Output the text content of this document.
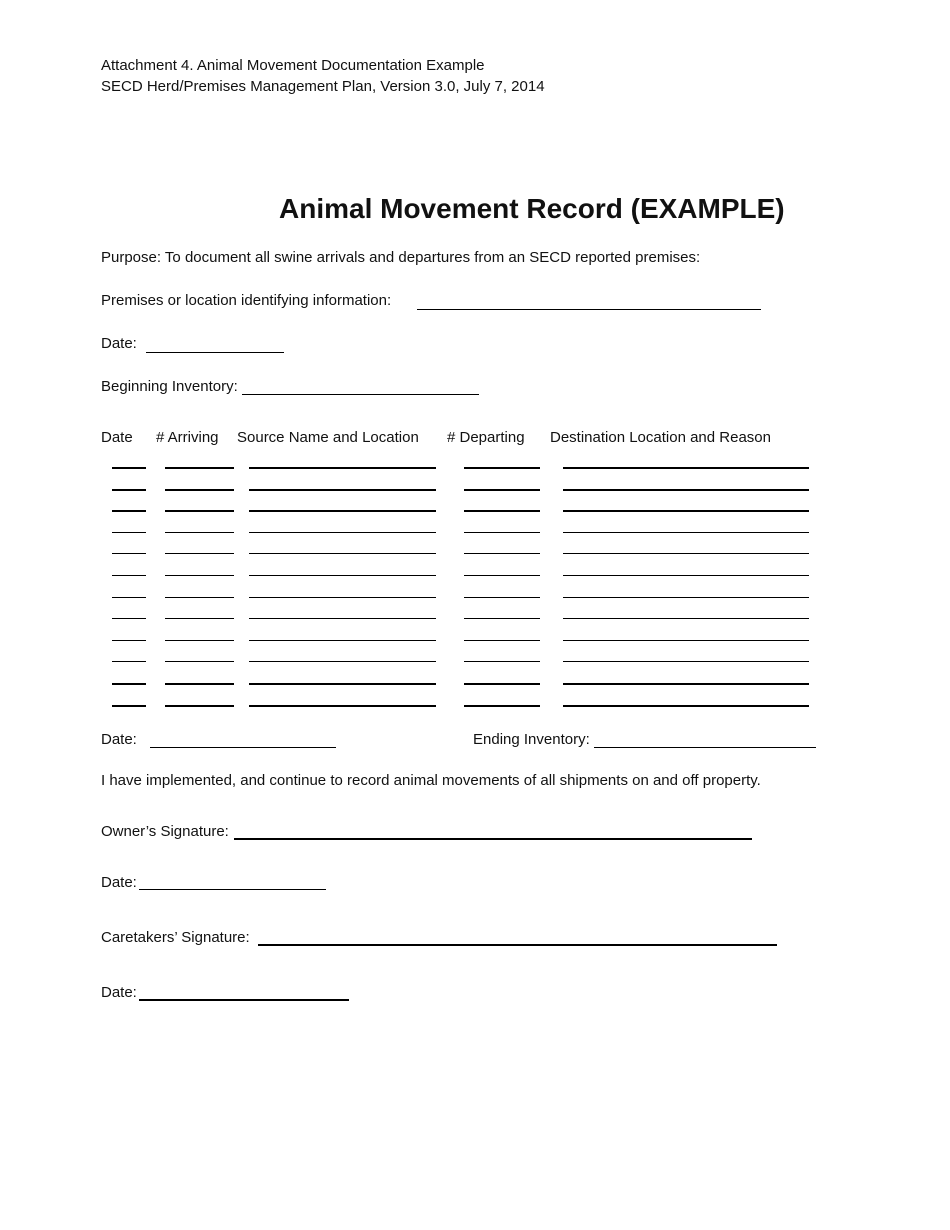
Attachment 4. Animal Movement Documentation Example
SECD Herd/Premises Management Plan, Version 3.0, July 7, 2014
Animal Movement Record (EXAMPLE)
Purpose: To document all swine arrivals and departures from an SECD reported premises:
Premises or location identifying information:
Date:
Beginning Inventory:
Date # Arriving Source Name and Location # Departing Destination Location and Reason
Date:	Ending Inventory:
I have implemented, and continue to record animal movements of all shipments on and off property.
Owner’s Signature:
Date:
Caretakers’ Signature:
Date:
